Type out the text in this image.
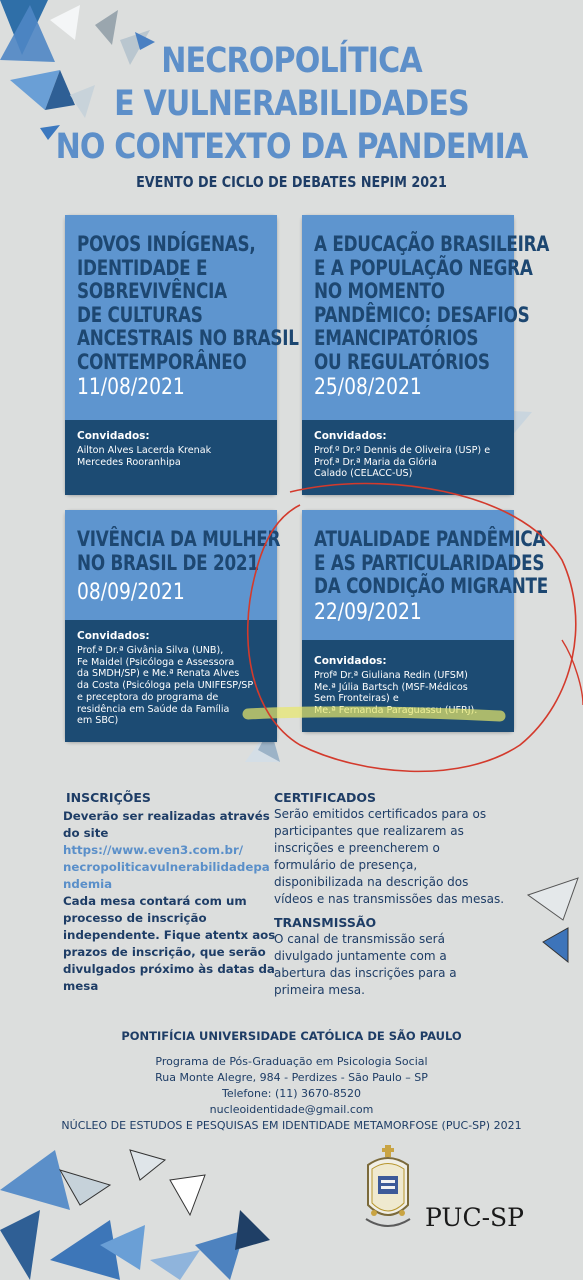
NECROPOLÍTICA
E VULNERABILIDADES
NO CONTEXTO DA PANDEMIA
EVENTO DE CICLO DE DEBATES NEPIM 2021
Convidados:
Ailton Alves Lacerda Krenak
Mercedes Rooranhipa
POVOS INDÍGENAS,
IDENTIDADE E
SOBREVIVÊNCIA
DE CULTURAS
ANCESTRAIS NO BRASIL
CONTEMPORÂNEO
11/08/2021
Convidados:
Prof.º Dr.º Dennis de Oliveira (USP) e
Prof.ª Dr.ª Maria da Glória
Calado (CELACC-US)
A EDUCAÇÃO BRASILEIRA
E A POPULAÇÃO NEGRA
NO MOMENTO
PANDÊMICO: DESAFIOS
EMANCIPATÓRIOS
OU REGULATÓRIOS
25/08/2021
Convidados:
Prof.ª Dr.ª Givânia Silva (UNB),
Fe Maidel (Psicóloga e Assessora
da SMDH/SP) e Me.ª Renata Alves
da Costa (Psicóloga pela UNIFESP/SP
e preceptora do programa de
residência em Saúde da Família
em SBC)
VIVÊNCIA DA MULHER
NO BRASIL DE 2021
08/09/2021
Convidados:
Profª Dr.ª Giuliana Redin (UFSM)
Me.ª Júlia Bartsch (MSF-Médicos
Sem Fronteiras) e
Me.ª Fernanda Paraguassu (UFRJ).
ATUALIDADE PANDÊMICA
E AS PARTICULARIDADES
DA CONDIÇÃO MIGRANTE
22/09/2021
INSCRIÇÕES
Deverão ser realizadas através
do site
https://www.even3.com.br/
necropoliticavulnerabilidadepa
ndemia
Cada mesa contará com um
processo de inscrição
independente. Fique atentx aos
prazos de inscrição, que serão
divulgados próximo às datas da
mesa
CERTIFICADOS
Serão emitidos certificados para os
participantes que realizarem as
inscrições e preencherem o
formulário de presença,
disponibilizada na descrição dos
vídeos e nas transmissões das mesas.
TRANSMISSÃO
O canal de transmissão será
divulgado juntamente com a
abertura das inscrições para a
primeira mesa.
PONTIFÍCIA UNIVERSIDADE CATÓLICA DE SÃO PAULO
Programa de Pós-Graduação em Psicologia Social
Rua Monte Alegre, 984 - Perdizes - São Paulo – SP
Telefone: (11) 3670-8520
nucleoidentidade@gmail.com
NÚCLEO DE ESTUDOS E PESQUISAS EM IDENTIDADE METAMORFOSE (PUC-SP) 2021
PUC-SP
